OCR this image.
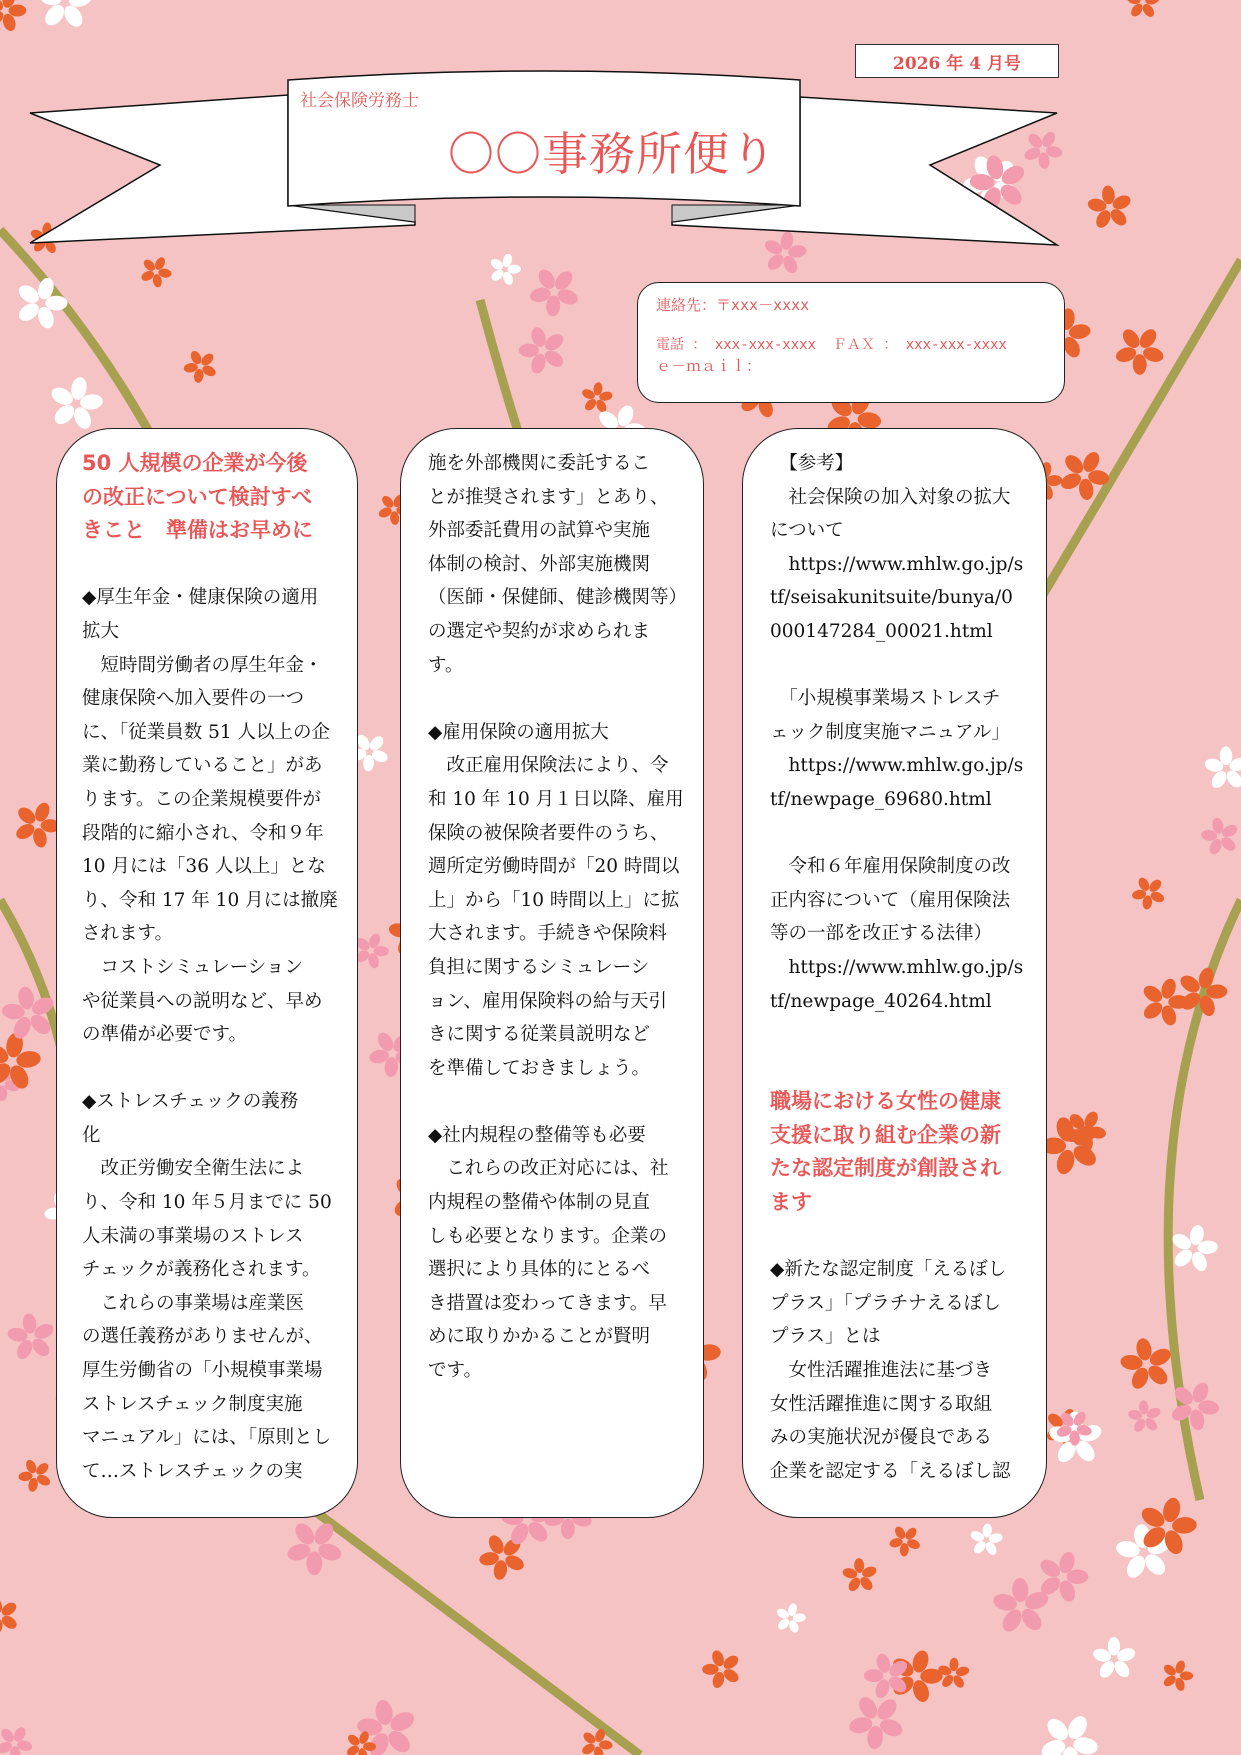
2026 年 4 月号
社会保険労務士
〇〇事務所便り
連絡先：〒xxx－xxxx
電話 ： xxx-xxx-xxxx  ＦＡＸ ： xxx-xxx-xxxx
ｅ－ｍａｉｌ：
50 人規模の企業が今後
の改正について検討すべ
きこと　準備はお早めに
◆厚生年金・健康保険の適用
拡大
　短時間労働者の厚生年金・
健康保険へ加入要件の一つ
に、「従業員数 51 人以上の企
業に勤務していること」があ
ります。この企業規模要件が
段階的に縮小され、令和９年
10 月には「36 人以上」とな
り、令和 17 年 10 月には撤廃
されます。
　コストシミュレーション
や従業員への説明など、早め
の準備が必要です。
◆ストレスチェックの義務
化
　改正労働安全衛生法によ
り、令和 10 年５月までに 50
人未満の事業場のストレス
チェックが義務化されます。
　これらの事業場は産業医
の選任義務がありませんが、
厚生労働省の「小規模事業場
ストレスチェック制度実施
マニュアル」には、「原則とし
て…ストレスチェックの実
施を外部機関に委託するこ
とが推奨されます」とあり、
外部委託費用の試算や実施
体制の検討、外部実施機関
（医師・保健師、健診機関等）
の選定や契約が求められま
す。
◆雇用保険の適用拡大
　改正雇用保険法により、令
和 10 年 10 月１日以降、雇用
保険の被保険者要件のうち、
週所定労働時間が「20 時間以
上」から「10 時間以上」に拡
大されます。手続きや保険料
負担に関するシミュレーシ
ョン、雇用保険料の給与天引
きに関する従業員説明など
を準備しておきましょう。
◆社内規程の整備等も必要
　これらの改正対応には、社
内規程の整備や体制の見直
しも必要となります。企業の
選択により具体的にとるべ
き措置は変わってきます。早
めに取りかかることが賢明
です。
　【参考】
　社会保険の加入対象の拡大
について
　https://www.mhlw.go.jp/s
tf/seisakunitsuite/bunya/0
000147284_00021.html
　「小規模事業場ストレスチ
ェック制度実施マニュアル」
　https://www.mhlw.go.jp/s
tf/newpage_69680.html
　令和６年雇用保険制度の改
正内容について（雇用保険法
等の一部を改正する法律）
　https://www.mhlw.go.jp/s
tf/newpage_40264.html
職場における女性の健康
支援に取り組む企業の新
たな認定制度が創設され
ます
◆新たな認定制度「えるぼし
プラス」「プラチナえるぼし
プラス」とは
　女性活躍推進法に基づき
女性活躍推進に関する取組
みの実施状況が優良である
企業を認定する「えるぼし認
